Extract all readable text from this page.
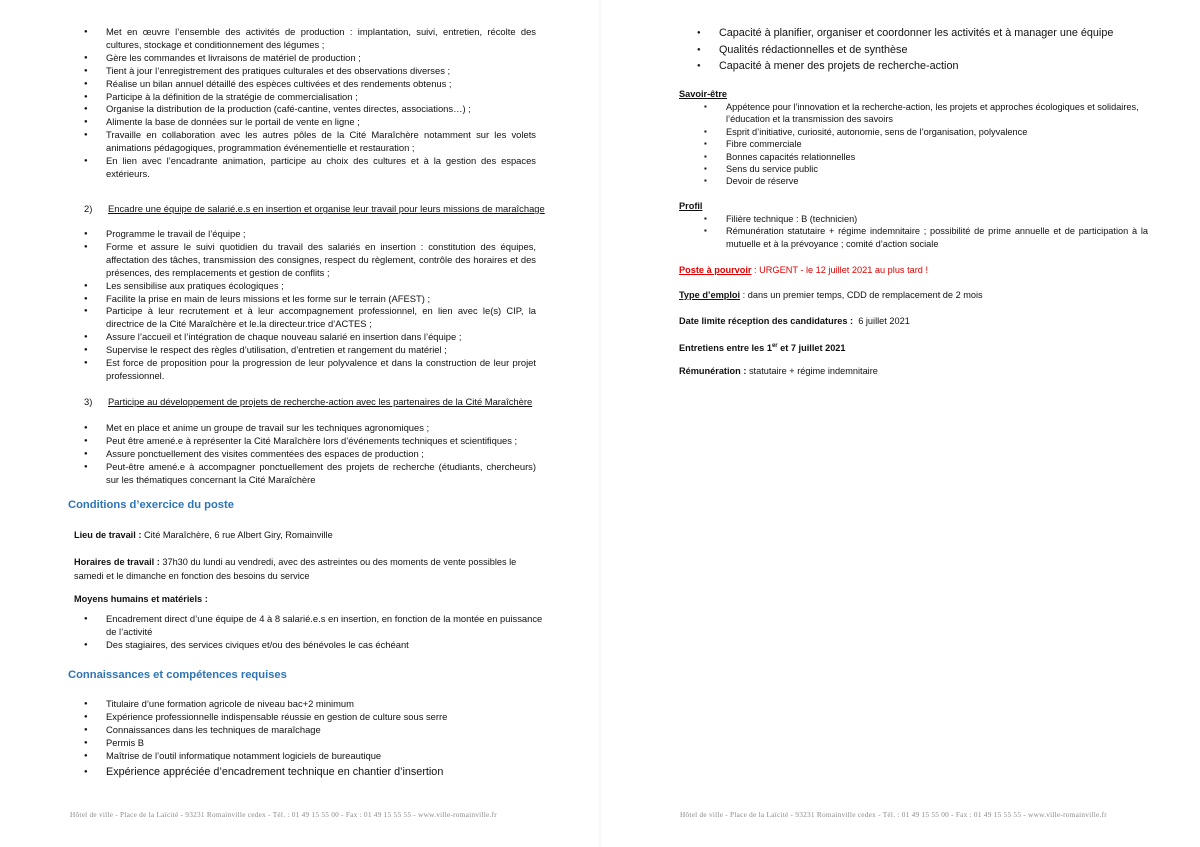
● Met en œuvre l’ensemble des activités de production : implantation, suivi, entretien, récolte des cultures, stockage et conditionnement des légumes ;
● Gère les commandes et livraisons de matériel de production ;
● Tient à jour l’enregistrement des pratiques culturales et des observations diverses ;
● Réalise un bilan annuel détaillé des espèces cultivées et des rendements obtenus ;
● Participe à la définition de la stratégie de commercialisation ;
● Organise la distribution de la production (café-cantine, ventes directes, associations…) ;
● Alimente la base de données sur le portail de vente en ligne ;
● Travaille en collaboration avec les autres pôles de la Cité Maraîchère notamment sur les volets animations pédagogiques, programmation événementielle et restauration ;
● En lien avec l’encadrante animation, participe au choix des cultures et à la gestion des espaces extérieurs.
2) Encadre une équipe de salarié.e.s en insertion et organise leur travail pour leurs missions de maraîchage
● Programme le travail de l’équipe ;
● Forme et assure le suivi quotidien du travail des salariés en insertion : constitution des équipes, affectation des tâches, transmission des consignes, respect du règlement, contrôle des horaires et des présences, des remplacements et gestion de conflits ;
● Les sensibilise aux pratiques écologiques ;
● Facilite la prise en main de leurs missions et les forme sur le terrain (AFEST) ;
● Participe à leur recrutement et à leur accompagnement professionnel, en lien avec le(s) CIP, la directrice de la Cité Maraîchère et le.la directeur.trice d’ACTES ;
● Assure l’accueil et l’intégration de chaque nouveau salarié en insertion dans l’équipe ;
● Supervise le respect des règles d’utilisation, d’entretien et rangement du matériel ;
● Est force de proposition pour la progression de leur polyvalence et dans la construction de leur projet professionnel.
3) Participe au développement de projets de recherche-action avec les partenaires de la Cité Maraîchère
● Met en place et anime un groupe de travail sur les techniques agronomiques ;
● Peut être amené.e à représenter la Cité Maraîchère lors d’événements techniques et scientifiques ;
● Assure ponctuellement des visites commentées des espaces de production ;
● Peut-être amené.e à accompagner ponctuellement des projets de recherche (étudiants, chercheurs) sur les thématiques concernant la Cité Maraîchère
Conditions d’exercice du poste
Lieu de travail : Cité Maraîchère, 6 rue Albert Giry, Romainville
Horaires de travail : 37h30 du lundi au vendredi, avec des astreintes ou des moments de vente possibles le samedi et le dimanche en fonction des besoins du service
Moyens humains et matériels :
● Encadrement direct d’une équipe de 4 à 8 salarié.e.s en insertion, en fonction de la montée en puissance de l’activité
● Des stagiaires, des services civiques et/ou des bénévoles le cas échéant
Connaissances et compétences requises
● Titulaire d’une formation agricole de niveau bac+2 minimum
● Expérience professionnelle indispensable réussie en gestion de culture sous serre
● Connaissances dans les techniques de maraîchage
● Permis B
● Maîtrise de l’outil informatique notamment logiciels de bureautique
● Expérience appréciée d’encadrement technique en chantier d’insertion
Hôtel de ville - Place de la Laïcité - 93231 Romainville cedex - Tél. : 01 49 15 55 00 - Fax : 01 49 15 55 55 - www.ville-romainville.fr
● Capacité à planifier, organiser et coordonner les activités et à manager une équipe
● Qualités rédactionnelles et de synthèse
● Capacité à mener des projets de recherche-action
Savoir-être
▪ Appétence pour l’innovation et la recherche-action, les projets et approches écologiques et solidaires, l’éducation et la transmission des savoirs
▪ Esprit d’initiative, curiosité, autonomie, sens de l’organisation, polyvalence
▪ Fibre commerciale
▪ Bonnes capacités relationnelles
▪ Sens du service public
▪ Devoir de réserve
Profil
▪ Filière technique : B (technicien)
▪ Rémunération statutaire + régime indemnitaire ; possibilité de prime annuelle et de participation à la mutuelle et à la prévoyance ; comité d’action sociale
Poste à pourvoir : URGENT - le 12 juillet 2021 au plus tard !
Type d’emploi : dans un premier temps, CDD de remplacement de 2 mois
Date limite réception des candidatures :  6 juillet 2021
Entretiens entre les 1er et 7 juillet 2021
Rémunération : statutaire + régime indemnitaire
Hôtel de ville - Place de la Laïcité - 93231 Romainville cedex - Tél. : 01 49 15 55 00 - Fax : 01 49 15 55 55 - www.ville-romainville.fr
